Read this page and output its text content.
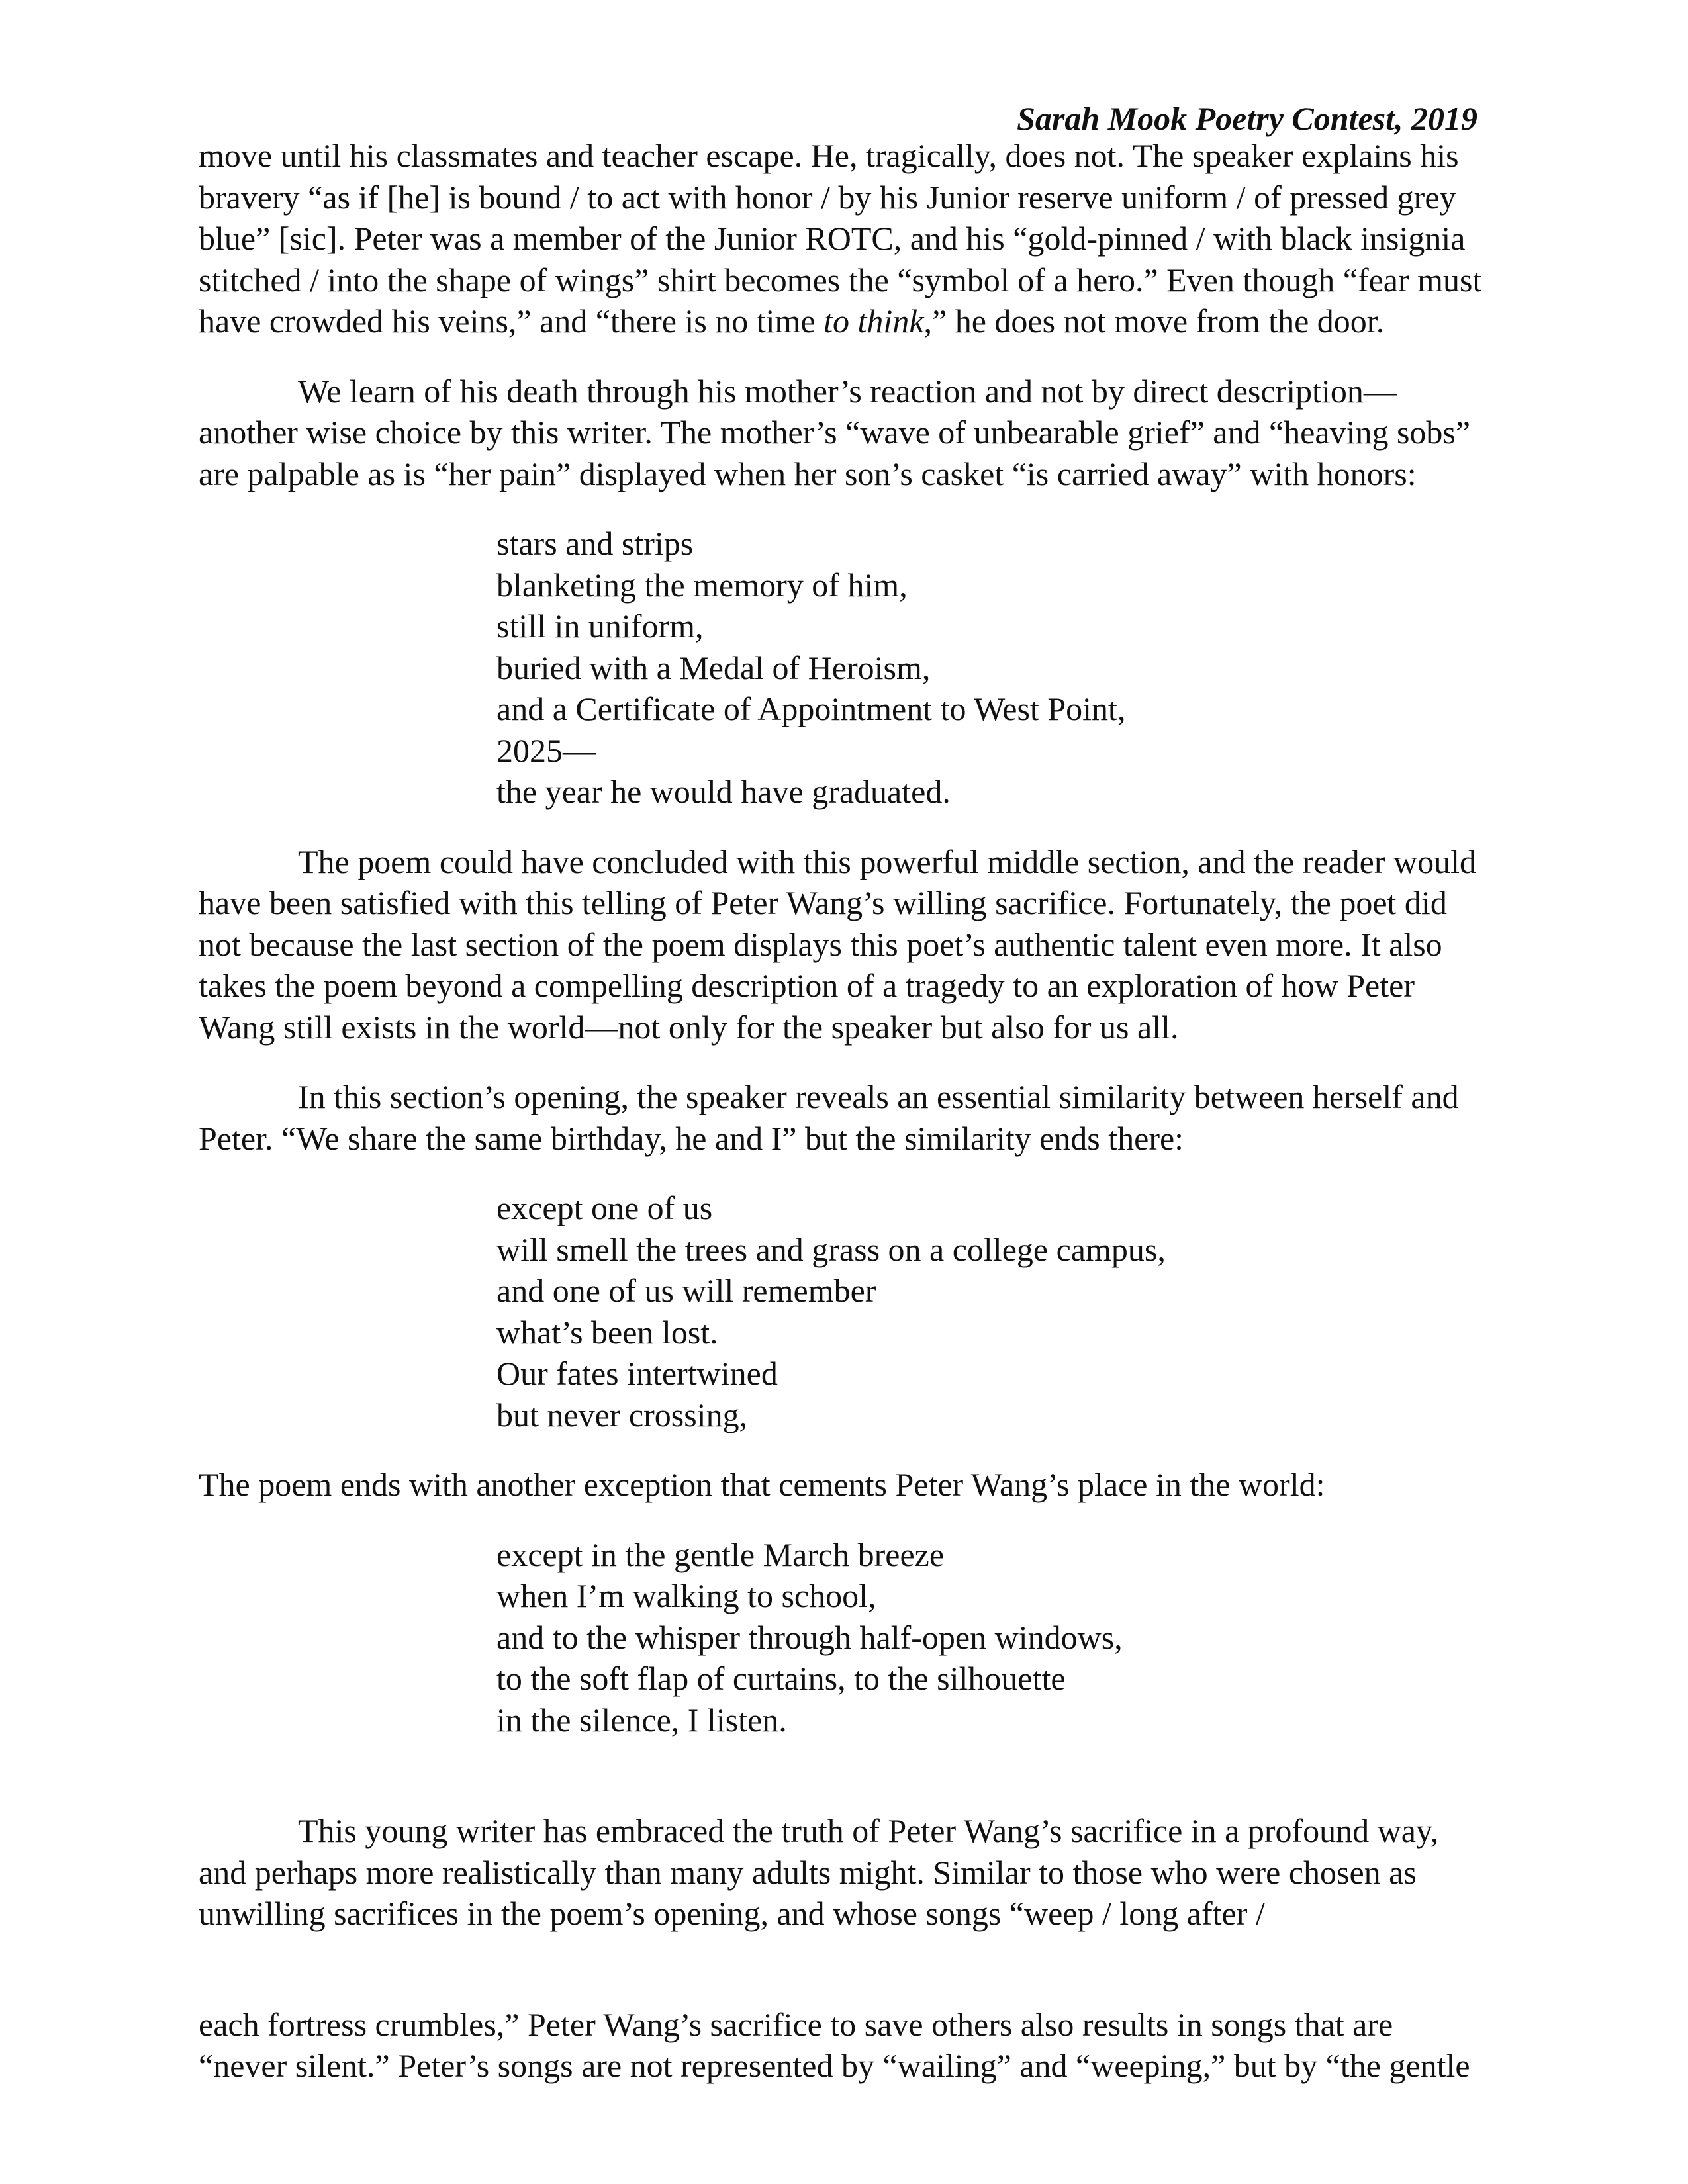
Sarah Mook Poetry Contest, 2019
move until his classmates and teacher escape. He, tragically, does not. The speaker explains his
bravery “as if [he] is bound / to act with honor / by his Junior reserve uniform / of pressed grey
blue” [sic]. Peter was a member of the Junior ROTC, and his “gold-pinned / with black insignia
stitched / into the shape of wings” shirt becomes the “symbol of a hero.” Even though “fear must
have crowded his veins,” and “there is no time to think,” he does not move from the door.
We learn of his death through his mother’s reaction and not by direct description—
another wise choice by this writer. The mother’s “wave of unbearable grief” and “heaving sobs”
are palpable as is “her pain” displayed when her son’s casket “is carried away” with honors:
stars and strips
blanketing the memory of him,
still in uniform,
buried with a Medal of Heroism,
and a Certificate of Appointment to West Point,
2025—
the year he would have graduated.
The poem could have concluded with this powerful middle section, and the reader would
have been satisfied with this telling of Peter Wang’s willing sacrifice. Fortunately, the poet did
not because the last section of the poem displays this poet’s authentic talent even more. It also
takes the poem beyond a compelling description of a tragedy to an exploration of how Peter
Wang still exists in the world—not only for the speaker but also for us all.
In this section’s opening, the speaker reveals an essential similarity between herself and
Peter. “We share the same birthday, he and I” but the similarity ends there:
except one of us
will smell the trees and grass on a college campus,
and one of us will remember
what’s been lost.
Our fates intertwined
but never crossing,
The poem ends with another exception that cements Peter Wang’s place in the world:
except in the gentle March breeze
when I’m walking to school,
and to the whisper through half-open windows,
to the soft flap of curtains, to the silhouette
in the silence, I listen.
This young writer has embraced the truth of Peter Wang’s sacrifice in a profound way,
and perhaps more realistically than many adults might. Similar to those who were chosen as
unwilling sacrifices in the poem’s opening, and whose songs “weep / long after /
each fortress crumbles,” Peter Wang’s sacrifice to save others also results in songs that are
“never silent.” Peter’s songs are not represented by “wailing” and “weeping,” but by “the gentle
